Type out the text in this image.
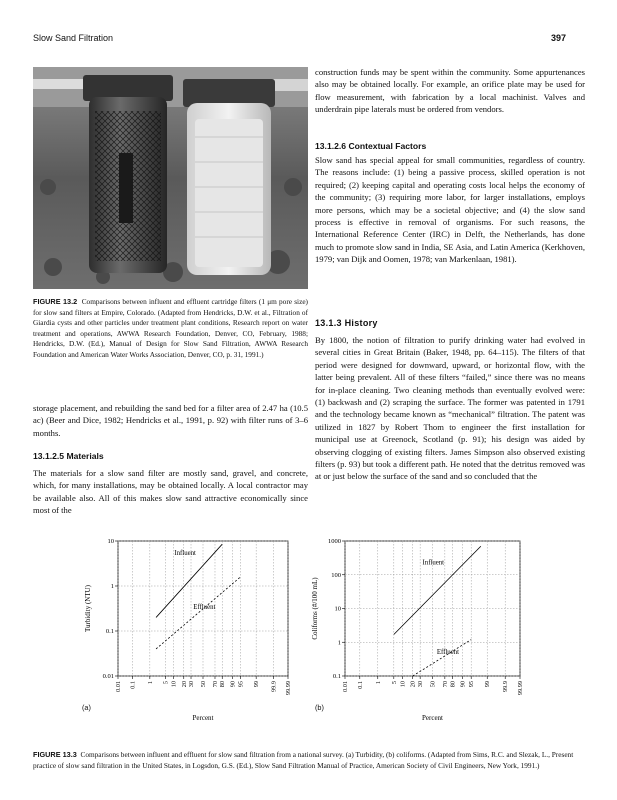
Slow Sand Filtration	397
FIGURE 13.2 Comparisons between influent and effluent cartridge filters (1 μm pore size) for slow sand filters at Empire, Colorado. (Adapted from Hendricks, D.W. et al., Filtration of Giardia cysts and other particles under treatment plant conditions, Research report on water treatment and operations, AWWA Research Foundation, Denver, CO, February, 1988; Hendricks, D.W. (Ed.), Manual of Design for Slow Sand Filtration, AWWA Research Foundation and American Water Works Association, Denver, CO, p. 31, 1991.)
storage placement, and rebuilding the sand bed for a filter area of 2.47 ha (10.5 ac) (Beer and Dice, 1982; Hendricks et al., 1991, p. 92) with filter runs of 3–6 months.
13.1.2.5 Materials
The materials for a slow sand filter are mostly sand, gravel, and concrete, which, for many installations, may be obtained locally. A local contractor may be available also. All of this makes slow sand attractive economically since most of the
construction funds may be spent within the community. Some appurtenances also may be obtained locally. For example, an orifice plate may be used for flow measurement, with fabrication by a local machinist. Valves and underdrain pipe laterals must be ordered from vendors.
13.1.2.6 Contextual Factors
Slow sand has special appeal for small communities, regardless of country. The reasons include: (1) being a passive process, skilled operation is not required; (2) keeping capital and operating costs local helps the economy of the community; (3) requiring more labor, for larger installations, employs more persons, which may be a societal objective; and (4) the slow sand process is effective in removal of organisms. For such reasons, the International Reference Center (IRC) in Delft, the Netherlands, has done much to promote slow sand in India, SE Asia, and Latin America (Kerkhoven, 1979; van Dijk and Oomen, 1978; van Markenlaan, 1981).
13.1.3 History
By 1800, the notion of filtration to purify drinking water had evolved in several cities in Great Britain (Baker, 1948, pp. 64–115). The filters of that period were designed for downward, upward, or horizontal flow, with the latter being prevalent. All of these filters “failed,” since there was no means for in-place cleaning. Two cleaning methods than eventually evolved were: (1) backwash and (2) scraping the surface. The former was patented in 1791 and the technology became known as “mechanical” filtration. The patent was utilized in 1827 by Robert Thom to engineer the first installation for municipal use at Greenock, Scotland (p. 91); his design was aided by observing clogging of existing filters. James Simpson also observed existing filters (p. 93) but took a different path. He noted that the detritus removed was at or just below the surface of the sand and so concluded that the
0.01 0.1 1 5 10 20 30 50 70 80 90 95 99 99.9 99.99
10
1
0.1
0.01
Turbidity (NTU)
Percent
Influent
Effluent
0.01 0.1 1 5 10 20 30 50 70 80 90 95 99 99.9 99.99
1000
100
10
1
0.1
Coliforms (#/100 mL)
Percent
Influent
Effluent
(a)	(b)
FIGURE 13.3 Comparisons between influent and effluent for slow sand filtration from a national survey. (a) Turbidity, (b) coliforms. (Adapted from Sims, R.C. and Slezak, L., Present practice of slow sand filtration in the United States, in Logsdon, G.S. (Ed.), Slow Sand Filtration Manual of Practice, American Society of Civil Engineers, New York, 1991.)
